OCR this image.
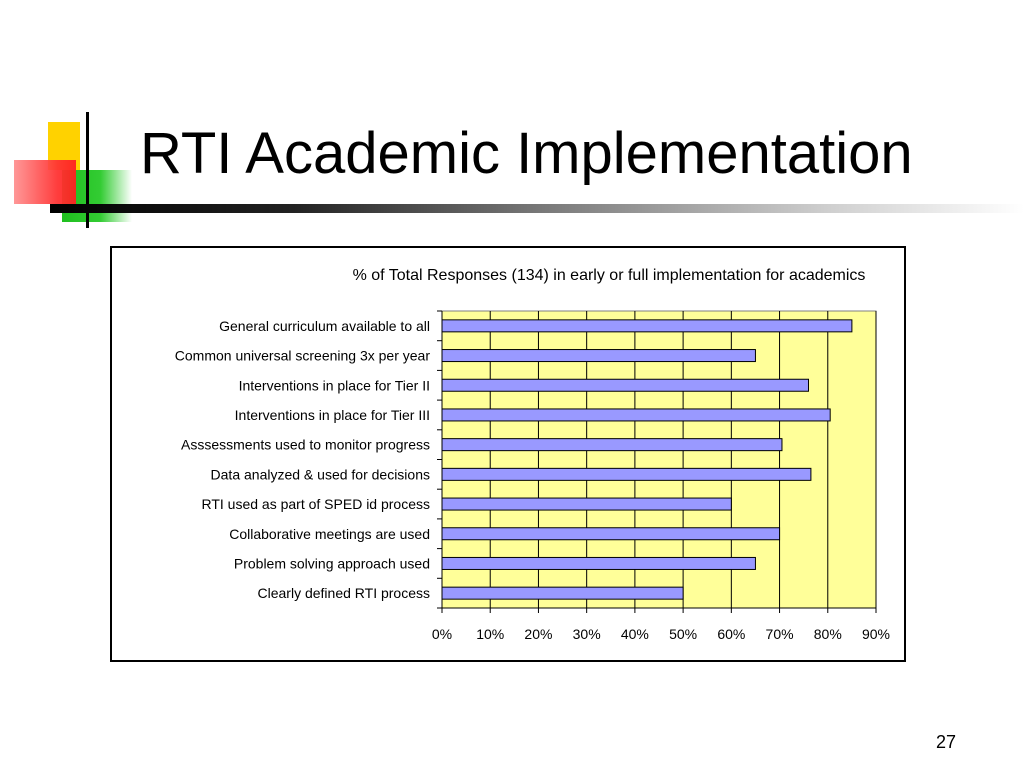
RTI Academic Implementation
% of Total Responses (134) in early or full implementation for academics
0% 10% 20% 30% 40% 50% 60% 70% 80% 90%
General curriculum available to all
Common universal screening 3x per year
Interventions in place for Tier II
Interventions in place for Tier III
Asssessments used to monitor progress
Data analyzed & used for decisions
RTI used as part of SPED id process
Collaborative meetings are used
Problem solving approach used
Clearly defined RTI process
27
